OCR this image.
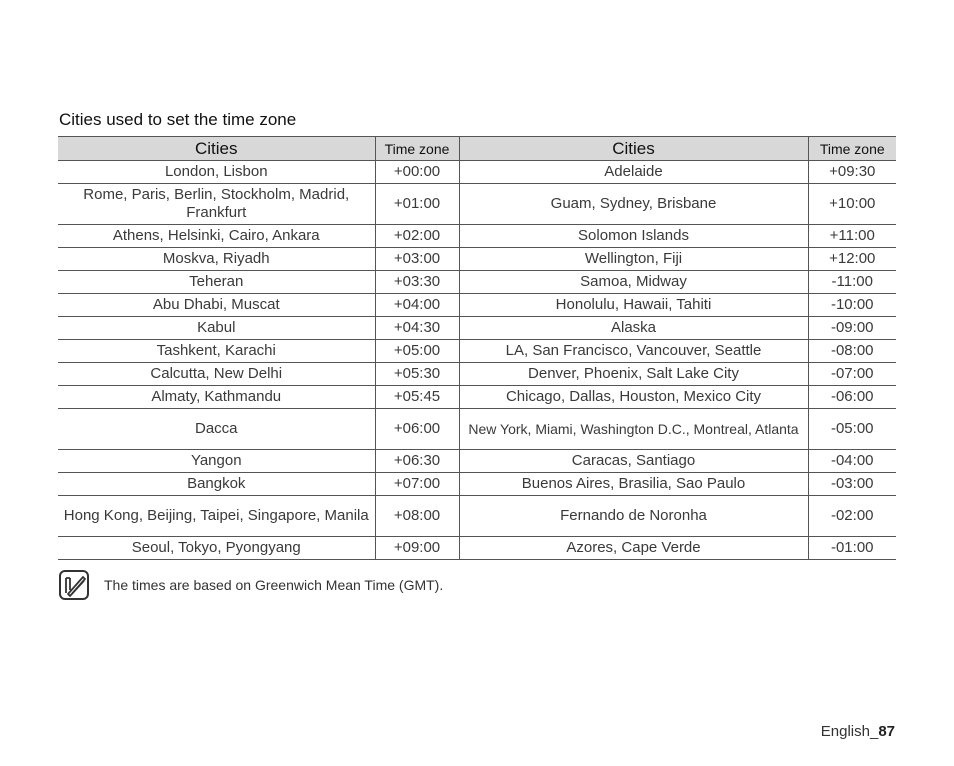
Cities used to set the time zone
Cities	Time zone	Cities	Time zone
London, Lisbon	+00:00	Adelaide	+09:30
Rome, Paris, Berlin, Stockholm, Madrid, Frankfurt	+01:00	Guam, Sydney, Brisbane	+10:00
Athens, Helsinki, Cairo, Ankara	+02:00	Solomon Islands	+11:00
Moskva, Riyadh	+03:00	Wellington, Fiji	+12:00
Teheran	+03:30	Samoa, Midway	-11:00
Abu Dhabi, Muscat	+04:00	Honolulu, Hawaii, Tahiti	-10:00
Kabul	+04:30	Alaska	-09:00
Tashkent, Karachi	+05:00	LA, San Francisco, Vancouver, Seattle	-08:00
Calcutta, New Delhi	+05:30	Denver, Phoenix, Salt Lake City	-07:00
Almaty, Kathmandu	+05:45	Chicago, Dallas, Houston, Mexico City	-06:00
Dacca	+06:00	New York, Miami, Washington D.C., Montreal, Atlanta	-05:00
Yangon	+06:30	Caracas, Santiago	-04:00
Bangkok	+07:00	Buenos Aires, Brasilia, Sao Paulo	-03:00
Hong Kong, Beijing, Taipei, Singapore, Manila	+08:00	Fernando de Noronha	-02:00
Seoul, Tokyo, Pyongyang	+09:00	Azores, Cape Verde	-01:00
The times are based on Greenwich Mean Time (GMT).
English_87
